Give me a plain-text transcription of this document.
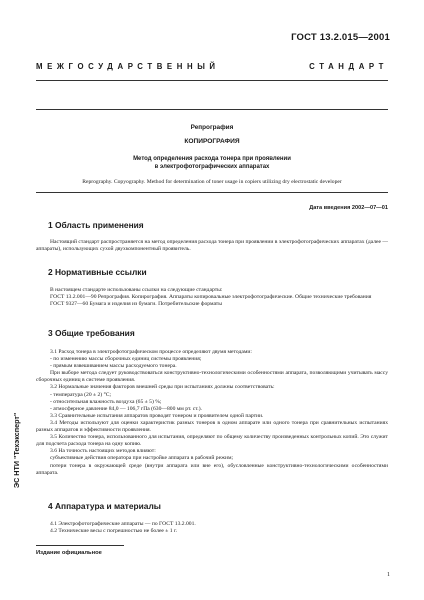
ГОСТ 13.2.015—2001
МЕЖГОСУДАРСТВЕННЫЙ СТАНДАРТ
Репрография
КОПИРОГРАФИЯ
Метод определения расхода тонера при проявлении
в электрофотографических аппаратах
Reprography. Copyography. Method for determination of toner usage in copiers utilizing dry electrostatic developer
Дата введения 2002—07—01
1 Область применения

Настоящий стандарт распространяется на метод определения расхода тонера при проявлении в электрофотографических аппаратах (далее — аппараты), использующих сухой двухкомпонентный проявитель.

2 Нормативные ссылки

В настоящем стандарте использованы ссылки на следующие стандарты:

ГОСТ 13.2.001—90 Репрография. Копирография. Аппараты копировальные электрофотографические. Общие технические требования

ГОСТ 9327—60 Бумага и изделия из бумаги. Потребительские форматы

3 Общие требования

3.1 Расход тонера в электрофотографическом процессе определяют двумя методами:

- по изменению массы сборочных единиц системы проявления;

- прямым взвешиванием массы расходуемого тонера.

При выборе метода следует руководствоваться конструктивно-технологическими особенностями аппарата, позволяющими учитывать массу сборочных единиц в системе проявления.

3.2 Нормальные значения факторов внешней среды при испытаниях должны соответствовать:

- температура (20 ± 2) °С;

- относительная влажность воздуха (65 ± 5) %;

- атмосферное давление 84,0 — 106,7 гПа (630—800 мм рт. ст.).

3.3 Сравнительные испытания аппаратов проводят тонером и проявителем одной партии.

3.4 Методы используют для оценки характеристик разных тонеров в одном аппарате или одного тонера при сравнительных испытаниях разных аппаратов и эффективности проявления.

3.5 Количество тонера, использованного для испытания, определяют по общему количеству произведенных контрольных копий. Это служит для подсчета расхода тонера на одну копию.

3.6 На точность настоящих методов влияют:

субъективные действия оператора при настройке аппарата в рабочий режим;

потери тонера в окружающей среде (внутри аппарата или вне его), обусловленные конструктивно-технологическими особенностями аппарата.

4 Аппаратура и материалы

4.1 Электрофотографические аппараты — по ГОСТ 13.2.001.

4.2 Технические весы с погрешностью не более ± 1 г.

Издание официальное
1
ЭС НТИ "Техэксперт"
